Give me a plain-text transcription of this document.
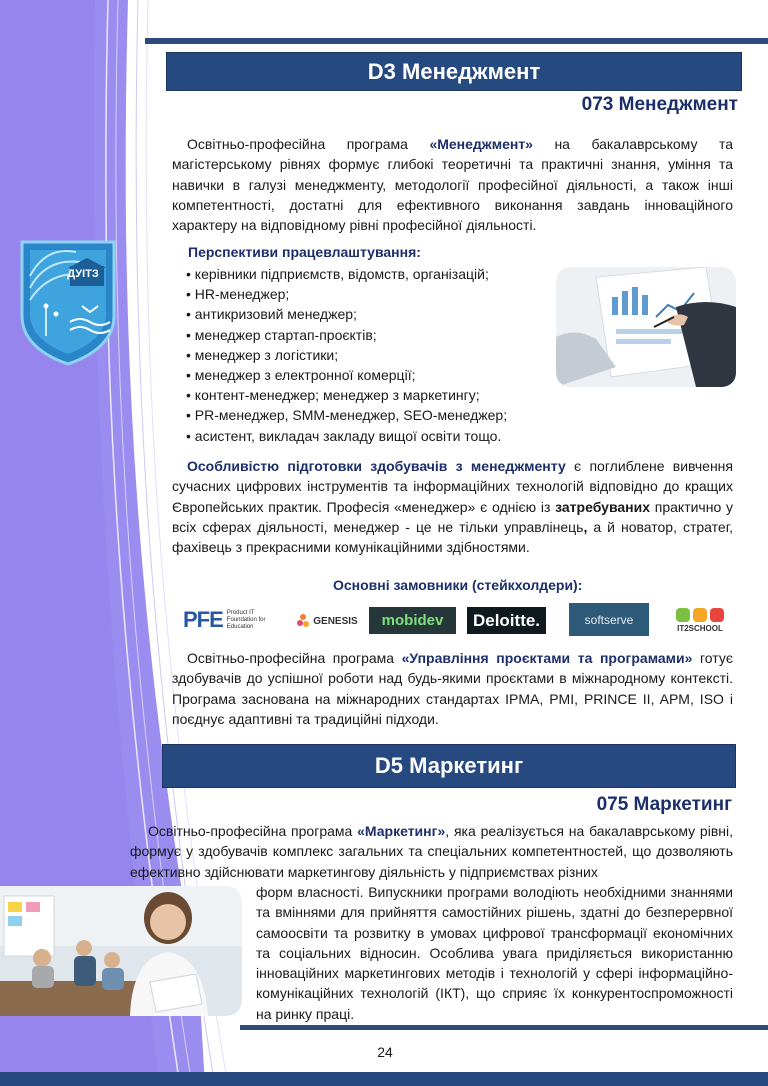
ДУІТЗ
D3 Менеджмент
073 Менеджмент
Освітньо-професійна програма «Менеджмент» на бакалаврському та магістерському рівнях формує глибокі теоретичні та практичні знання, уміння та навички в галузі менеджменту, методології професійної діяльності, а також інші компетентності, достатні для ефективного виконання завдань інноваційного характеру на відповідному рівні професійної діяльності.
Перспективи працевлаштування:
• керівники підприємств, відомств, організацій;
• HR-менеджер;
• антикризовий менеджер;
• менеджер стартап-проєктів;
• менеджер з логістики;
• менеджер з електронної комерції;
• контент-менеджер; менеджер з маркетингу;
• PR-менеджер, SMM-менеджер, SEO-менеджер;
• асистент, викладач закладу вищої освіти тощо.
Особливістю підготовки здобувачів з менеджменту є поглиблене вивчення сучасних цифрових інструментів та інформаційних технологій відповідно до кращих Європейських практик. Професія «менеджер» є однією із затребуваних практично у всіх сферах діяльності, менеджер - це не тільки управлінець, а й новатор, стратег, фахівець з прекрасними комунікаційними здібностями.
Основні замовники (стейкхолдери):
PFE Product IT Foundation for Education	GENESIS mobidev Deloitte.	softserve
IT2SCHOOL
Освітньо-професійна програма «Управління проєктами та програмами» готує здобувачів до успішної роботи над будь-якими проєктами в міжнародному контексті. Програма заснована на міжнародних стандартах IPMA, PMI, PRINCE II, APM, ISO і поєднує адаптивні та традиційні підходи.
D5 Маркетинг
075 Маркетинг
Освітньо-професійна програма «Маркетинг», яка реалізується на бакалаврському рівні, формує у здобувачів комплекс загальних та спеціальних компетентностей, що дозволяють ефективно здійснювати маркетингову діяльність у підприємствах різних
форм власності. Випускники програми володіють необхідними знаннями та вміннями для прийняття самостійних рішень, здатні до безперервної самоосвіти та розвитку в умовах цифрової трансформації економічних та соціальних відносин. Особлива увага приділяється використанню інноваційних маркетингових методів і технологій у сфері інформаційно-комунікаційних технологій (ІКТ), що сприяє їх конкурентоспроможності на ринку праці.
24
